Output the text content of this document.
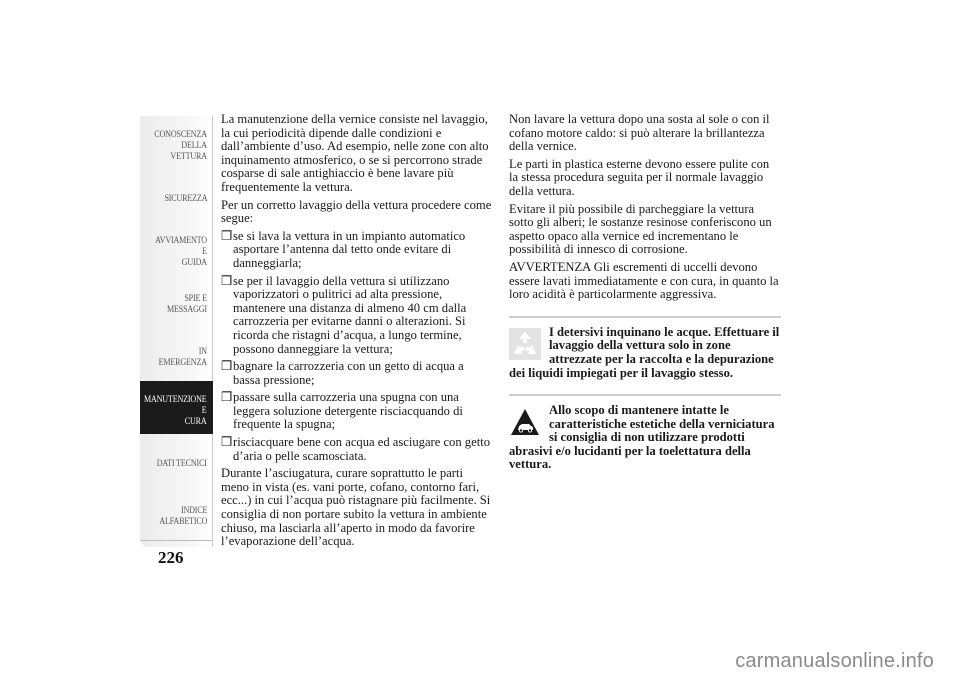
CONOSCENZA
DELLA VETTURA
SICUREZZA
AVVIAMENTO E
GUIDA
SPIE E MESSAGGI
IN EMERGENZA
MANUTENZIONE E
CURA
DATI TECNICI
INDICE
ALFABETICO
226

La manutenzione della vernice consiste nel lavaggio, la cui periodicità dipende dalle condizioni e dall’ambiente d’uso. Ad esempio, nelle zone con alto inquinamento atmosferico, o se si percorrono strade cosparse di sale antighiaccio è bene lavare più frequentemente la vettura.

Per un corretto lavaggio della vettura procedere come segue:

❒ se si lava la vettura in un impianto automatico asportare l’antenna dal tetto onde evitare di danneggiarla;
❒ se per il lavaggio della vettura si utilizzano vaporizzatori o pulitrici ad alta pressione, mantenere una distanza di almeno 40 cm dalla carrozzeria per evitarne danni o alterazioni. Si ricorda che ristagni d’acqua, a lungo termine, possono danneggiare la vettura;
❒ bagnare la carrozzeria con un getto di acqua a bassa pressione;
❒ passare sulla carrozzeria una spugna con una leggera soluzione detergente risciacquando di frequente la spugna;
❒ risciacquare bene con acqua ed asciugare con getto d’aria o pelle scamosciata.

Durante l’asciugatura, curare soprattutto le parti meno in vista (es. vani porte, cofano, contorno fari, ecc...) in cui l’acqua può ristagnare più facilmente. Si consiglia di non portare subito la vettura in ambiente chiuso, ma lasciarla all’aperto in modo da favorire l’evaporazione dell’acqua.

Non lavare la vettura dopo una sosta al sole o con il cofano motore caldo: si può alterare la brillantezza della vernice.

Le parti in plastica esterne devono essere pulite con la stessa procedura seguita per il normale lavaggio della vettura.

Evitare il più possibile di parcheggiare la vettura sotto gli alberi; le sostanze resinose conferiscono un aspetto opaco alla vernice ed incrementano le possibilità di innesco di corrosione.

AVVERTENZA Gli escrementi di uccelli devono essere lavati immediatamente e con cura, in quanto la loro acidità è particolarmente aggressiva.

I detersivi inquinano le acque. Effettuare il lavaggio della vettura solo in zone attrezzate per la raccolta e la depurazione dei liquidi impiegati per il lavaggio stesso.
Allo scopo di mantenere intatte le caratteristiche estetiche della verniciatura si consiglia di non utilizzare prodotti abrasivi e/o lucidanti per la toelettatura della vettura.
carmanualsonline.info
